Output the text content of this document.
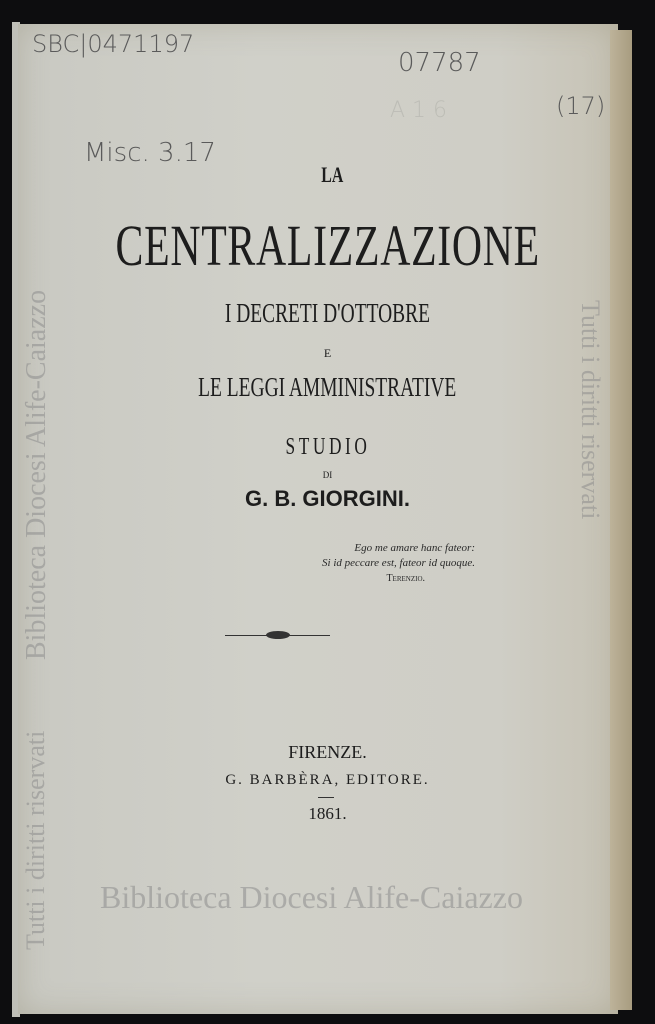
SBC|0471197
07787
A 1 6	(17)
Misc. 3.17
Biblioteca Diocesi Alife-Caiazzo	Tutti i diritti riservati
Tutti i diritti riservati Biblioteca Diocesi Alife-Caiazzo
LA
CENTRALIZZAZIONE
I DECRETI D'OTTOBRE
E
LE LEGGI AMMINISTRATIVE
STUDIO
DI
G. B. GIORGINI.
Ego me amare hanc fateor:
Si id peccare est, fateor id quoque.
Terenzio.
FIRENZE.
G. BARBÈRA, EDITORE.
1861.
